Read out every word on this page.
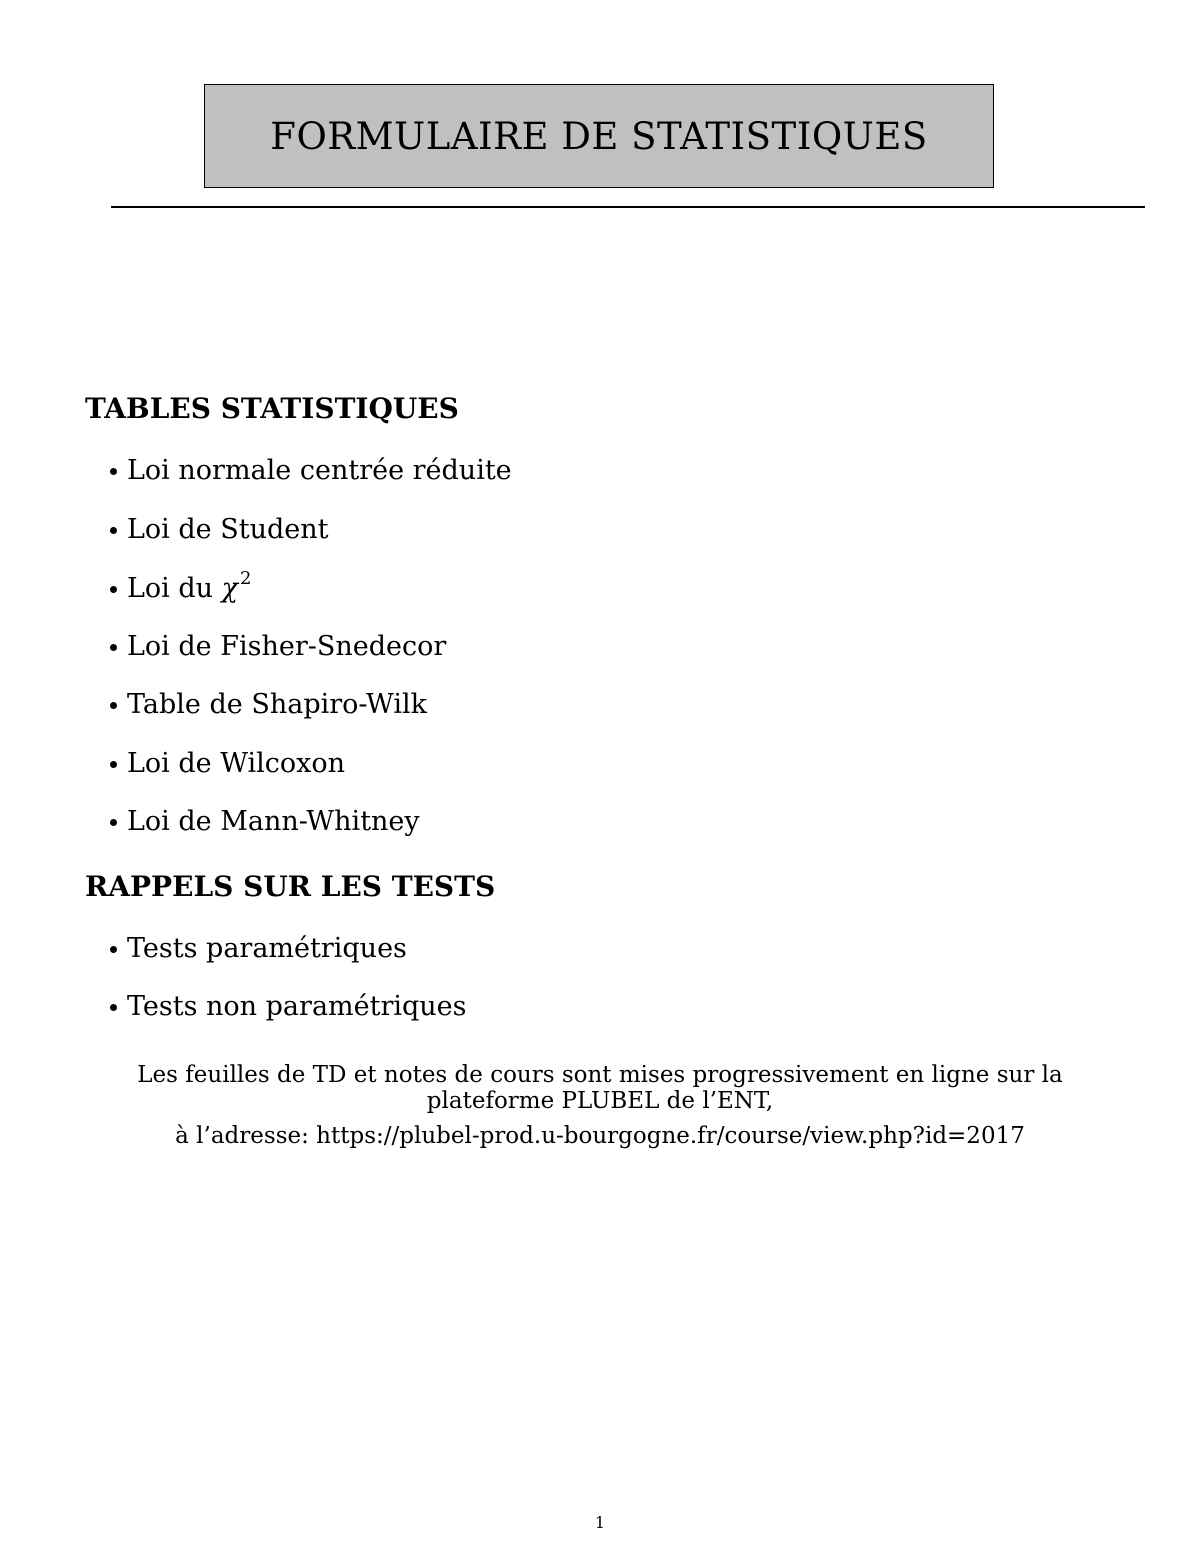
FORMULAIRE DE STATISTIQUES
TABLES STATISTIQUES
Loi normale centrée réduite
Loi de Student
Loi du χ 2
Loi de Fisher-Snedecor
Table de Shapiro-Wilk
Loi de Wilcoxon
Loi de Mann-Whitney
RAPPELS SUR LES TESTS
Tests paramétriques
Tests non paramétriques
Les feuilles de TD et notes de cours sont mises progressivement en ligne sur la
plateforme PLUBEL de l’ENT,
à l’adresse: https://plubel-prod.u-bourgogne.fr/course/view.php?id=2017
1
